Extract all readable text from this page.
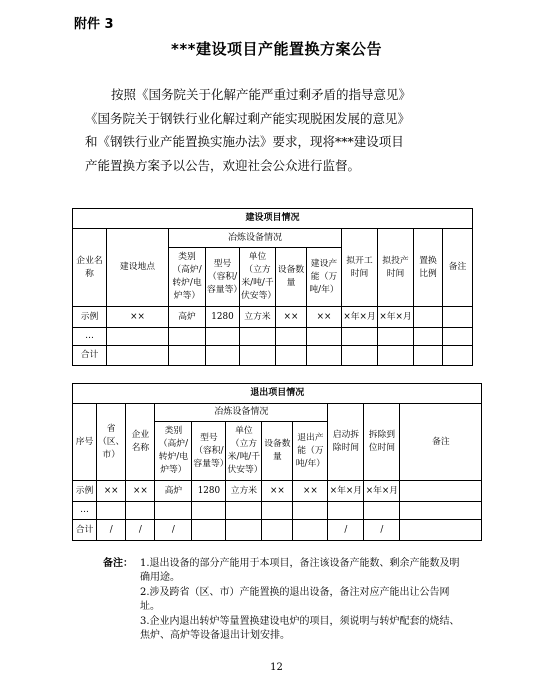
附件 3
***建设项目产能置换方案公告

按照《国务院关于化解产能严重过剩矛盾的指导意见》

《国务院关于钢铁行业化解过剩产能实现脱困发展的意见》

和《钢铁行业产能置换实施办法》要求，现将***建设项目

产能置换方案予以公告，欢迎社会公众进行监督。

建设项目情况										
企业名称	建设地点	冶炼设备情况					拟开工时间	拟投产时间	置换比例	备注
		类别（高炉/转炉/电炉等）	型号（容积/容量等）	单位（立方米/吨/千伏安等）	设备数量	建设产能（万吨/年）				
示例	××	高炉	1280	立方米	××	××	×年×月	×年×月		
…										
合计										
退出项目情况										
序号	省（区、市）	企业名称	冶炼设备情况					启动拆除时间	拆除到位时间	备注
			类别（高炉/转炉/电炉等）	型号（容积/容量等）	单位（立方米/吨/千伏安等）	设备数量	退出产能（万吨/年）			
示例	××	××	高炉	1280	立方米	××	××	×年×月	×年×月	
…										
合计	/	/	/					/	/	
备注： 1.退出设备的部分产能用于本项目，备注该设备产能数、剩余产能数及明确用途。
2.涉及跨省（区、市）产能置换的退出设备，备注对应产能出让公告网址。
3.企业内退出转炉等量置换建设电炉的项目，须说明与转炉配套的烧结、焦炉、高炉等设备退出计划安排。
12
